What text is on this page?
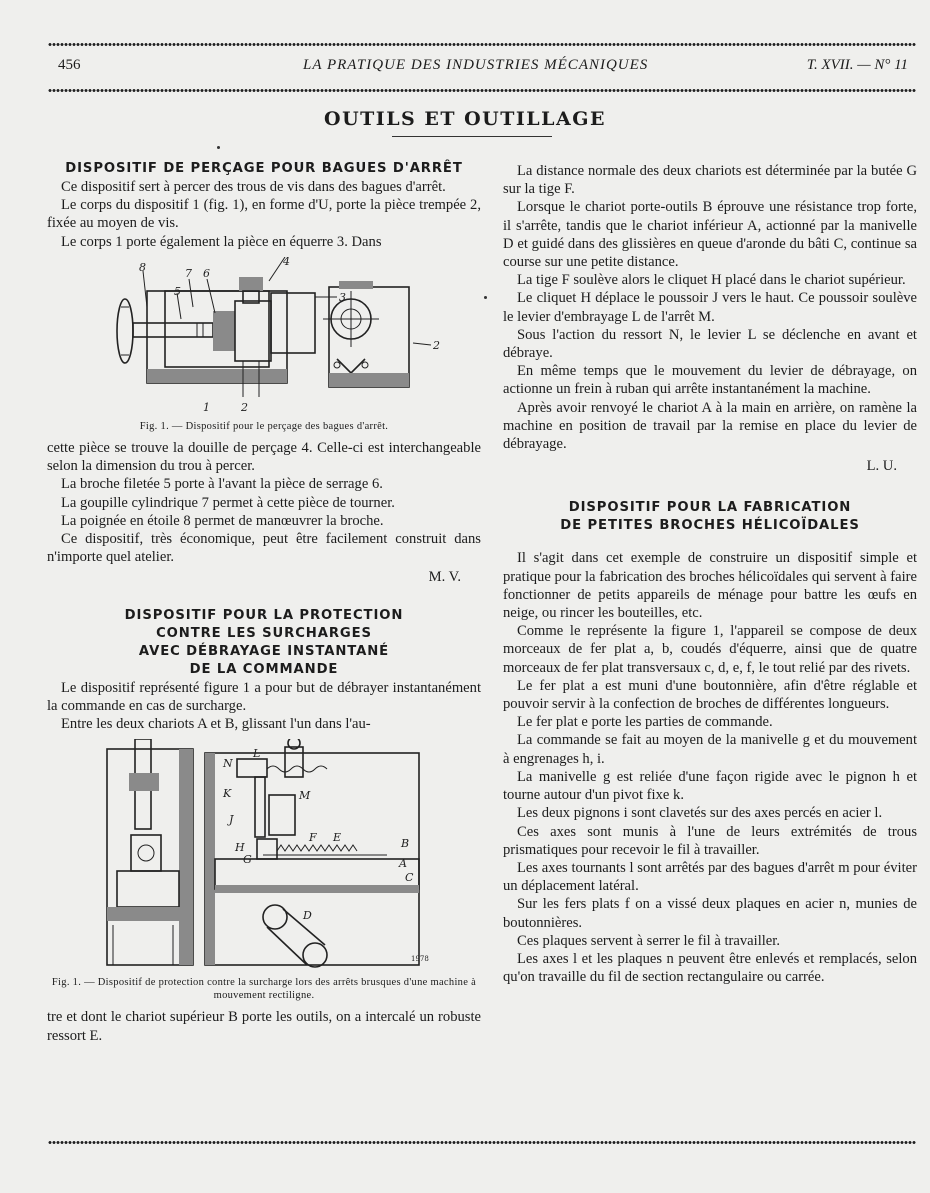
456	LA PRATIQUE DES INDUSTRIES MÉCANIQUES	T. XVII. — N° 11
OUTILS ET OUTILLAGE
DISPOSITIF DE PERÇAGE POUR BAGUES D'ARRÊT

Ce dispositif sert à percer des trous de vis dans des bagues d'arrêt.

Le corps du dispositif 1 (fig. 1), en forme d'U, porte la pièce trempée 2, fixée au moyen de vis.

Le corps 1 porte également la pièce en équerre 3. Dans

8	7 6
5
4
3
2
1	2
Fig. 1. — Dispositif pour le perçage des bagues d'arrêt.

cette pièce se trouve la douille de perçage 4. Celle-ci est interchangeable selon la dimension du trou à percer.

La broche filetée 5 porte à l'avant la pièce de serrage 6.

La goupille cylindrique 7 permet à cette pièce de tourner.

La poignée en étoile 8 permet de manœuvrer la broche.

Ce dispositif, très économique, peut être facilement construit dans n'importe quel atelier.

M. V.
DISPOSITIF POUR LA PROTECTION
CONTRE LES SURCHARGES
AVEC DÉBRAYAGE INSTANTANÉ
DE LA COMMANDE

Le dispositif représenté figure 1 a pour but de débrayer instantanément la commande en cas de surcharge.

Entre les deux chariots A et B, glissant l'un dans l'au-

N
L
K	M
J
F E
H
G
B
A
C
D
1978
Fig. 1. — Dispositif de protection contre la surcharge lors des arrêts brusques d'une machine à mouvement rectiligne.

tre et dont le chariot supérieur B porte les outils, on a intercalé un robuste ressort E.

La distance normale des deux chariots est déterminée par la butée G sur la tige F.

Lorsque le chariot porte-outils B éprouve une résistance trop forte, il s'arrête, tandis que le chariot inférieur A, actionné par la manivelle D et guidé dans des glissières en queue d'aronde du bâti C, continue sa course sur une petite distance.

La tige F soulève alors le cliquet H placé dans le chariot supérieur.

Le cliquet H déplace le poussoir J vers le haut. Ce poussoir soulève le levier d'embrayage L de l'arrêt M.

Sous l'action du ressort N, le levier L se déclenche en avant et débraye.

En même temps que le mouvement du levier de débrayage, on actionne un frein à ruban qui arrête instantanément la machine.

Après avoir renvoyé le chariot A à la main en arrière, on ramène la machine en position de travail par la remise en place du levier de débrayage.

L. U.
DISPOSITIF POUR LA FABRICATION
DE PETITES BROCHES HÉLICOÏDALES

Il s'agit dans cet exemple de construire un dispositif simple et pratique pour la fabrication des broches hélicoïdales qui servent à faire fonctionner de petits appareils de ménage pour battre les œufs en neige, ou rincer les bouteilles, etc.

Comme le représente la figure 1, l'appareil se compose de deux morceaux de fer plat a, b, coudés d'équerre, ainsi que de quatre morceaux de fer plat transversaux c, d, e, f, le tout relié par des rivets.

Le fer plat a est muni d'une boutonnière, afin d'être réglable et pouvoir servir à la confection de broches de différentes longueurs.

Le fer plat e porte les parties de commande.

La commande se fait au moyen de la manivelle g et du mouvement à engrenages h, i.

La manivelle g est reliée d'une façon rigide avec le pignon h et tourne autour d'un pivot fixe k.

Les deux pignons i sont clavetés sur des axes percés en acier l.

Ces axes sont munis à l'une de leurs extrémités de trous prismatiques pour recevoir le fil à travailler.

Les axes tournants l sont arrêtés par des bagues d'arrêt m pour éviter un déplacement latéral.

Sur les fers plats f on a vissé deux plaques en acier n, munies de boutonnières.

Ces plaques servent à serrer le fil à travailler.

Les axes l et les plaques n peuvent être enlevés et remplacés, selon qu'on travaille du fil de section rectangulaire ou carrée.
